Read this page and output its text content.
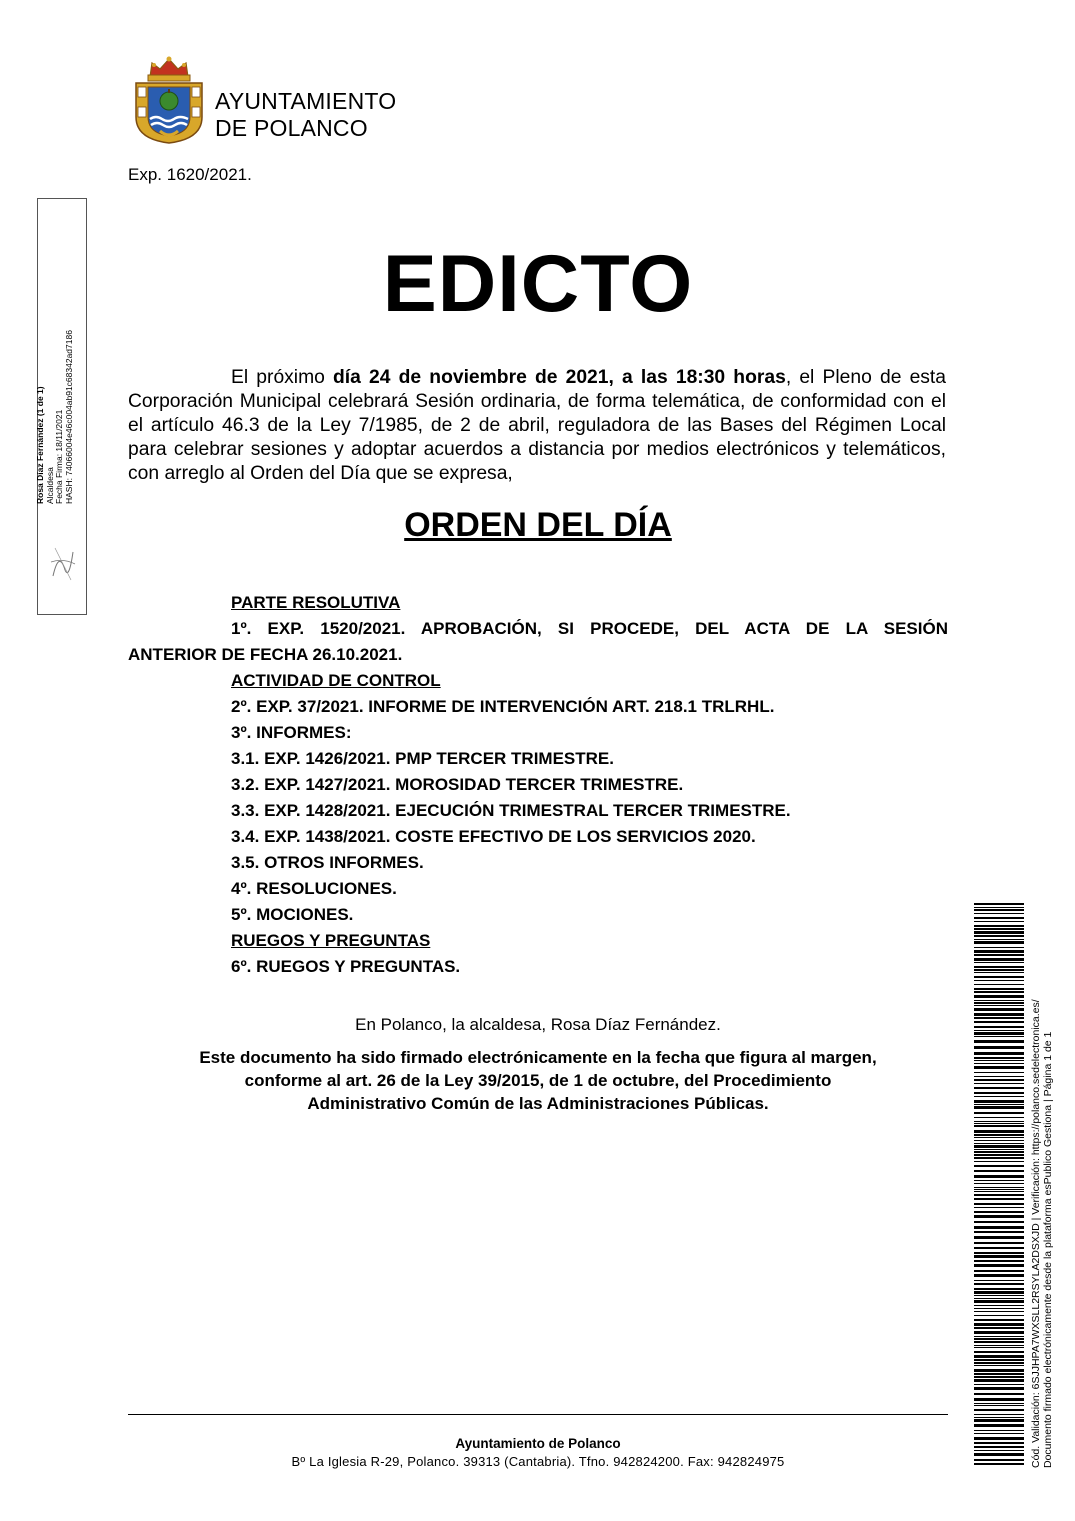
AYUNTAMIENTO
DE POLANCO
Exp. 1620/2021.
Rosa Díaz Fernández (1 de 1) Alcaldesa Fecha Firma: 18/11/2021 HASH: 74066004e46c004ab91c68342ad7186
EDICTO
El próximo día 24 de noviembre de 2021, a las 18:30 horas, el Pleno de esta Corporación Municipal celebrará Sesión ordinaria, de forma telemática, de conformidad con el el artículo 46.3 de la Ley 7/1985, de 2 de abril, reguladora de las Bases del Régimen Local para celebrar sesiones y adoptar acuerdos a distancia por medios electrónicos y telemáticos, con arreglo al Orden del Día que se expresa,
ORDEN DEL DÍA
PARTE RESOLUTIVA
1º. EXP. 1520/2021. APROBACIÓN, SI PROCEDE, DEL ACTA DE LA SESIÓN
ANTERIOR DE FECHA 26.10.2021.
ACTIVIDAD DE CONTROL
2º. EXP. 37/2021. INFORME DE INTERVENCIÓN ART. 218.1 TRLRHL.
3º. INFORMES:
3.1. EXP. 1426/2021. PMP TERCER TRIMESTRE.
3.2. EXP. 1427/2021. MOROSIDAD TERCER TRIMESTRE.
3.3. EXP. 1428/2021. EJECUCIÓN TRIMESTRAL TERCER TRIMESTRE.
3.4. EXP. 1438/2021. COSTE EFECTIVO DE LOS SERVICIOS 2020.
3.5. OTROS INFORMES.
4º. RESOLUCIONES.
5º. MOCIONES.
RUEGOS Y PREGUNTAS
6º. RUEGOS Y PREGUNTAS.
En Polanco, la alcaldesa, Rosa Díaz Fernández.
Este documento ha sido firmado electrónicamente en la fecha que figura al margen,
conforme al art. 26 de la Ley 39/2015, de 1 de octubre, del Procedimiento
Administrativo Común de las Administraciones Públicas.
Ayuntamiento de Polanco
Bº La Iglesia R-29, Polanco. 39313 (Cantabria). Tfno. 942824200. Fax: 942824975	Cód. Validación: 6SJJHPA7WXSLL2RSYLA2DSXJD | Verificación: https://polanco.sedelectronica.es/ Documento firmado electrónicamente desde la plataforma esPublico Gestiona | Página 1 de 1
